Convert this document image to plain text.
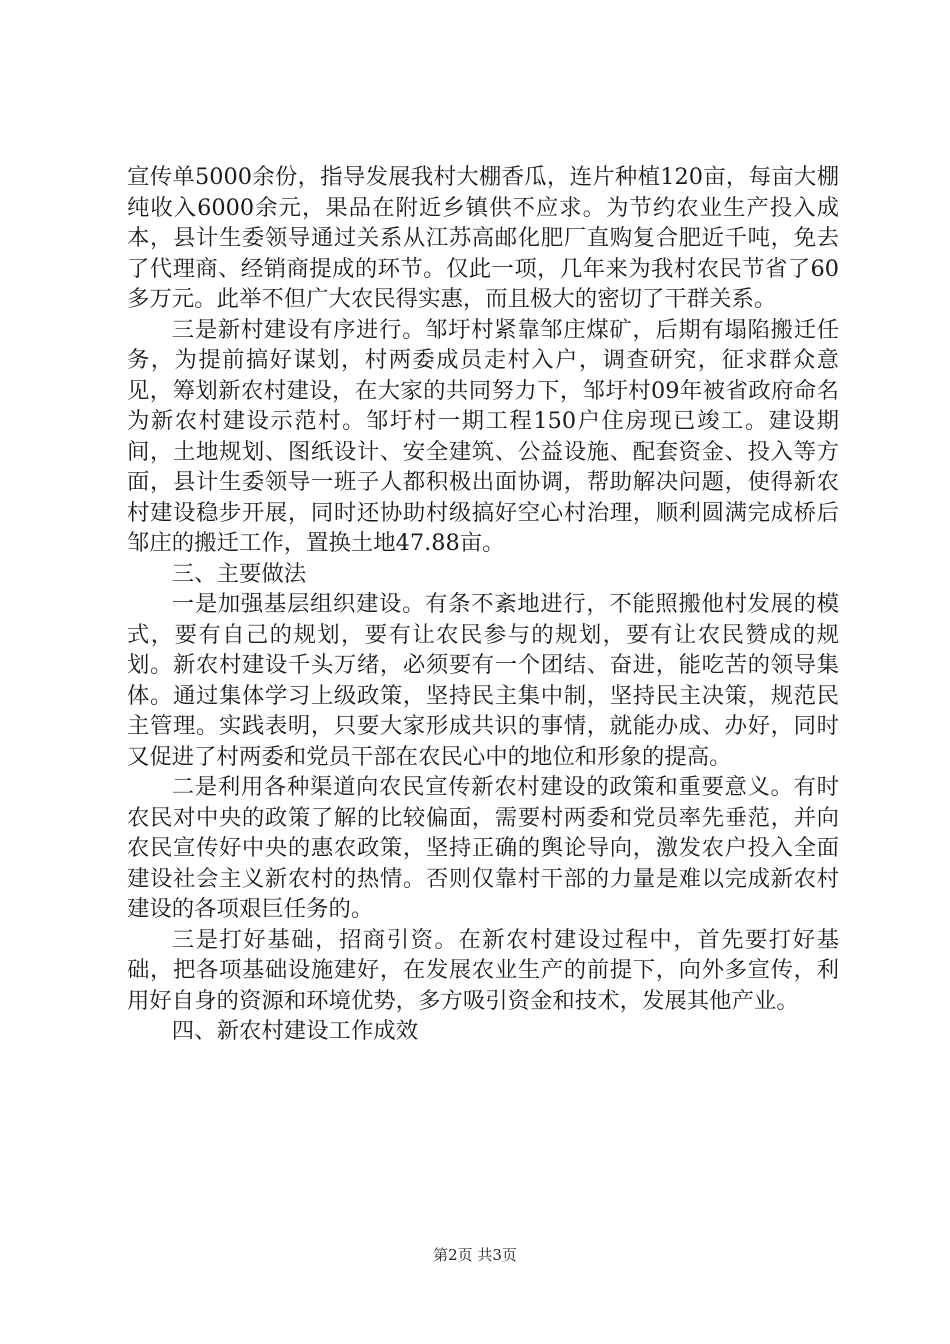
宣传单5000余份，指导发展我村大棚香瓜，连片种植120亩，每亩大棚纯收入6000余元，果品在附近乡镇供不应求。为节约农业生产投入成本，县计生委领导通过关系从江苏高邮化肥厂直购复合肥近千吨，免去了代理商、经销商提成的环节。仅此一项，几年来为我村农民节省了60多万元。此举不但广大农民得实惠，而且极大的密切了干群关系。

三是新村建设有序进行。邹圩村紧靠邹庄煤矿，后期有塌陷搬迁任务，为提前搞好谋划，村两委成员走村入户，调查研究，征求群众意见，筹划新农村建设，在大家的共同努力下，邹圩村09年被省政府命名为新农村建设示范村。邹圩村一期工程150户住房现已竣工。建设期间，土地规划、图纸设计、安全建筑、公益设施、配套资金、投入等方面，县计生委领导一班子人都积极出面协调，帮助解决问题，使得新农村建设稳步开展，同时还协助村级搞好空心村治理，顺利圆满完成桥后邹庄的搬迁工作，置换土地47.88亩。

三、主要做法

一是加强基层组织建设。有条不紊地进行，不能照搬他村发展的模式，要有自己的规划，要有让农民参与的规划，要有让农民赞成的规划。新农村建设千头万绪，必须要有一个团结、奋进，能吃苦的领导集体。通过集体学习上级政策，坚持民主集中制，坚持民主决策，规范民主管理。实践表明，只要大家形成共识的事情，就能办成、办好，同时又促进了村两委和党员干部在农民心中的地位和形象的提高。

二是利用各种渠道向农民宣传新农村建设的政策和重要意义。有时农民对中央的政策了解的比较偏面，需要村两委和党员率先垂范，并向农民宣传好中央的惠农政策，坚持正确的舆论导向，激发农户投入全面建设社会主义新农村的热情。否则仅靠村干部的力量是难以完成新农村建设的各项艰巨任务的。

三是打好基础，招商引资。在新农村建设过程中，首先要打好基础，把各项基础设施建好，在发展农业生产的前提下，向外多宣传，利用好自身的资源和环境优势，多方吸引资金和技术，发展其他产业。

四、新农村建设工作成效

第2页 共3页
